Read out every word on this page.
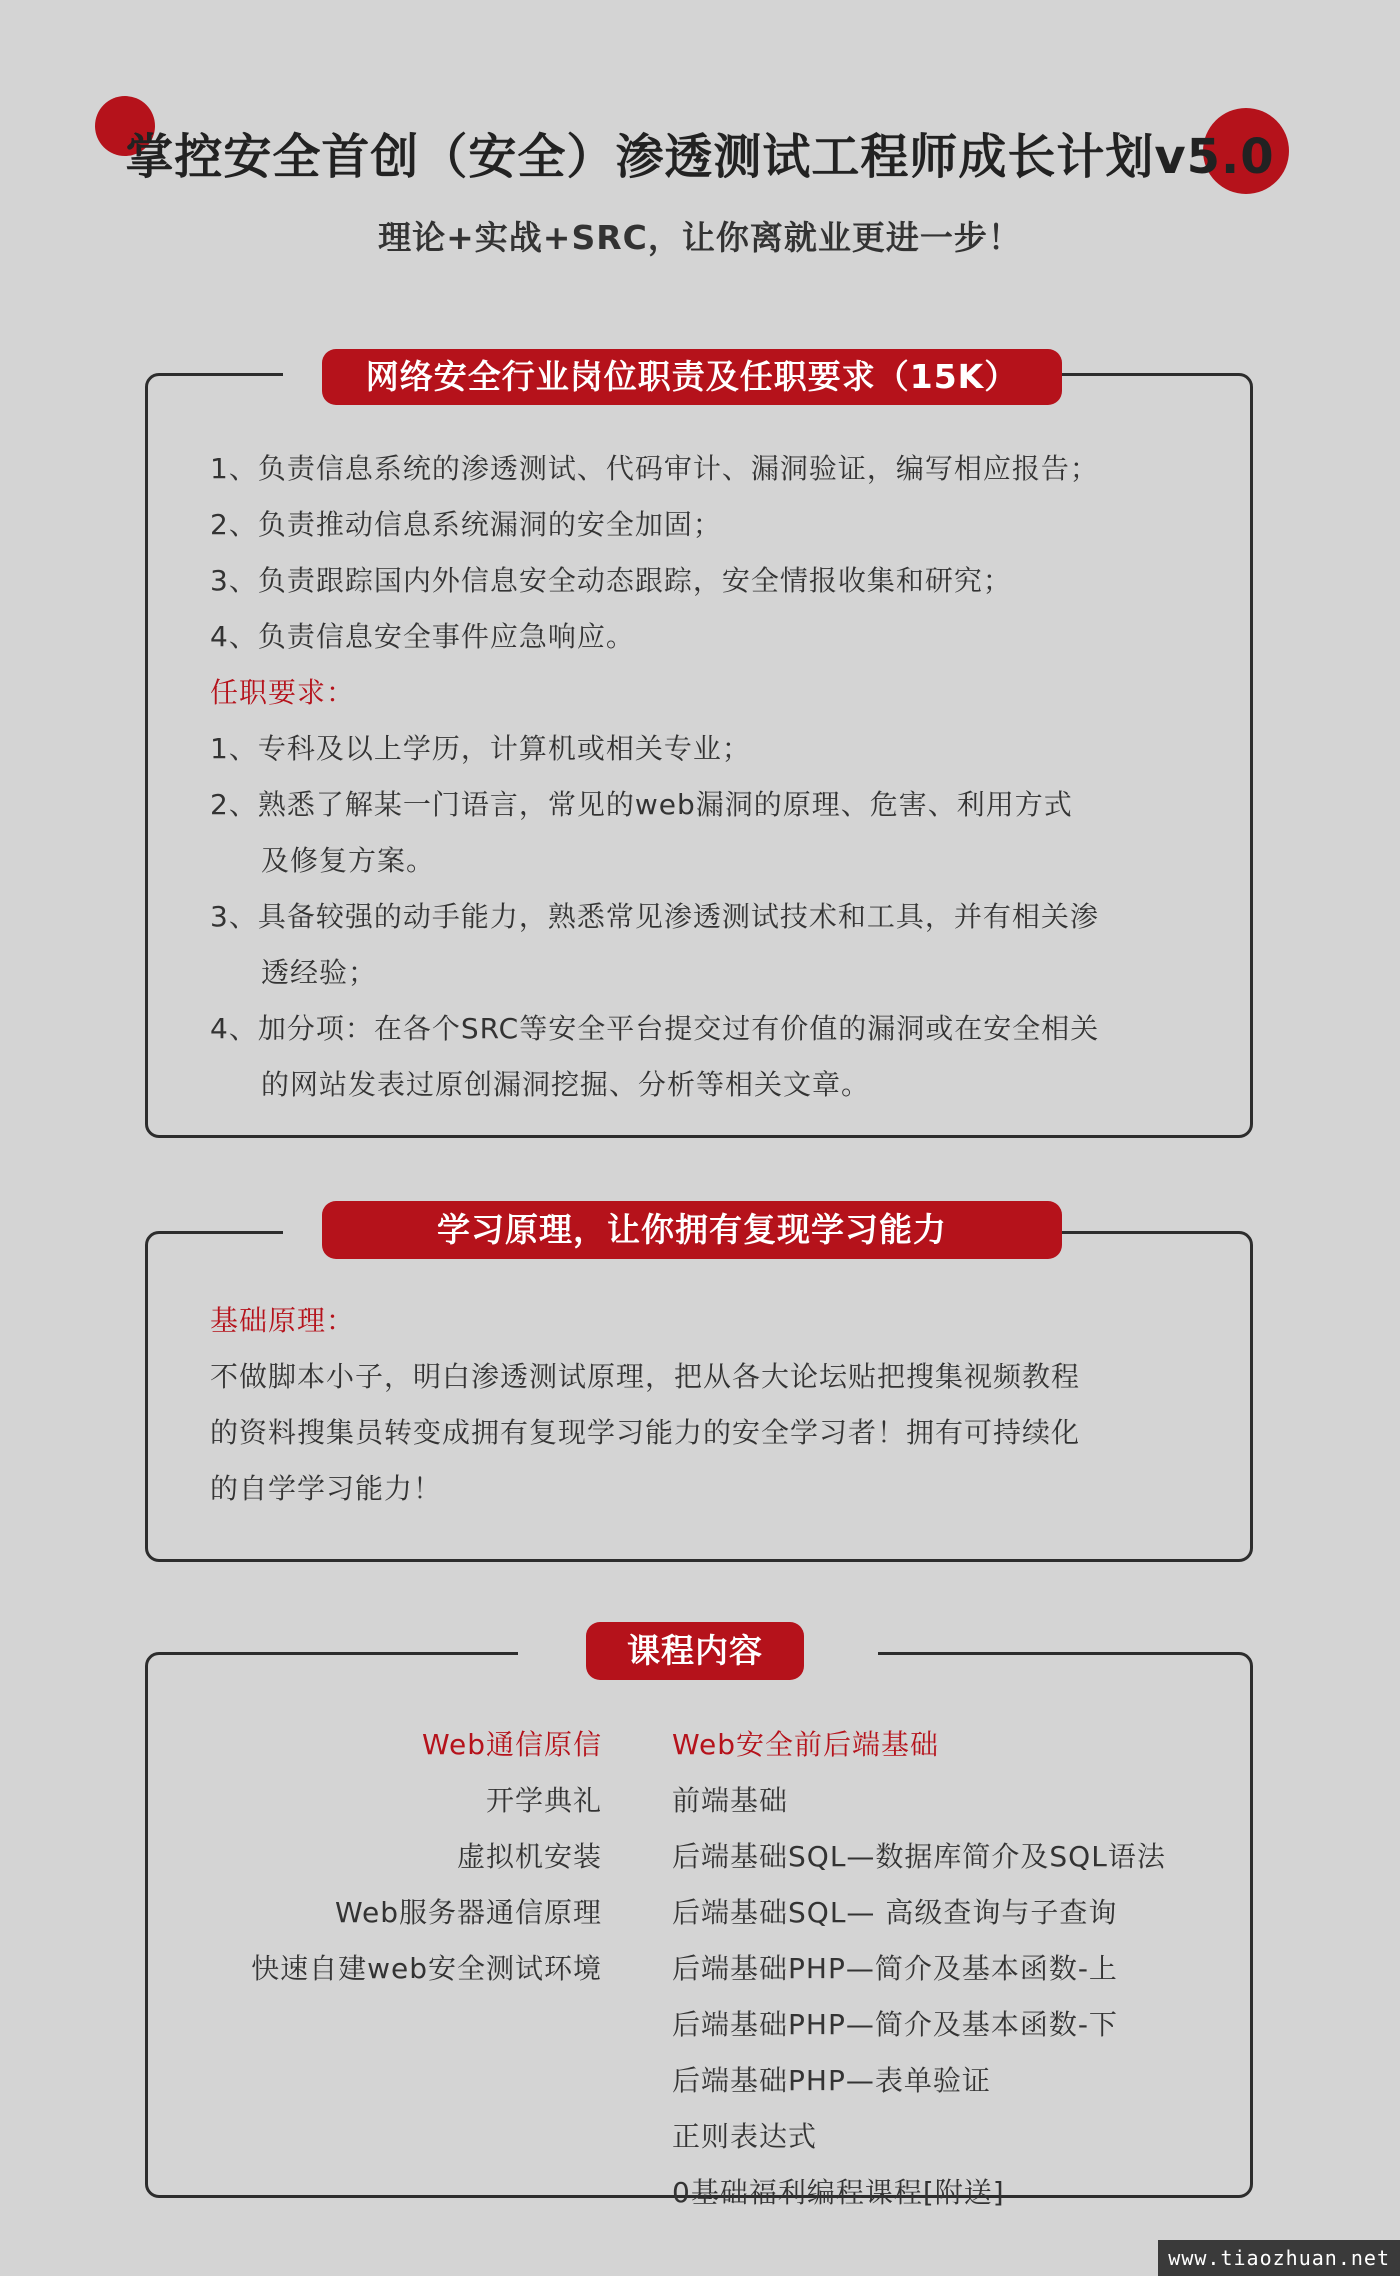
掌控安全首创（安全）渗透测试工程师成长计划v5.0
理论+实战+SRC，让你离就业更进一步！
网络安全行业岗位职责及任职要求（15K）
1、负责信息系统的渗透测试、代码审计、漏洞验证，编写相应报告；
2、负责推动信息系统漏洞的安全加固；
3、负责跟踪国内外信息安全动态跟踪，安全情报收集和研究；
4、负责信息安全事件应急响应。
任职要求：
1、专科及以上学历，计算机或相关专业；
2、熟悉了解某一门语言，常见的web漏洞的原理、危害、利用方式
及修复方案。
3、具备较强的动手能力，熟悉常见渗透测试技术和工具，并有相关渗
透经验；
4、加分项：在各个SRC等安全平台提交过有价值的漏洞或在安全相关
的网站发表过原创漏洞挖掘、分析等相关文章。
学习原理，让你拥有复现学习能力
基础原理：
不做脚本小子，明白渗透测试原理，把从各大论坛贴把搜集视频教程
的资料搜集员转变成拥有复现学习能力的安全学习者！拥有可持续化
的自学学习能力！
课程内容
Web通信原信
开学典礼
虚拟机安装
Web服务器通信原理
快速自建web安全测试环境
Web安全前后端基础
前端基础
后端基础SQL—数据库简介及SQL语法
后端基础SQL— 高级查询与子查询
后端基础PHP—简介及基本函数-上
后端基础PHP—简介及基本函数-下
后端基础PHP—表单验证
正则表达式
0基础福利编程课程[附送]
www.tiaozhuan.net
